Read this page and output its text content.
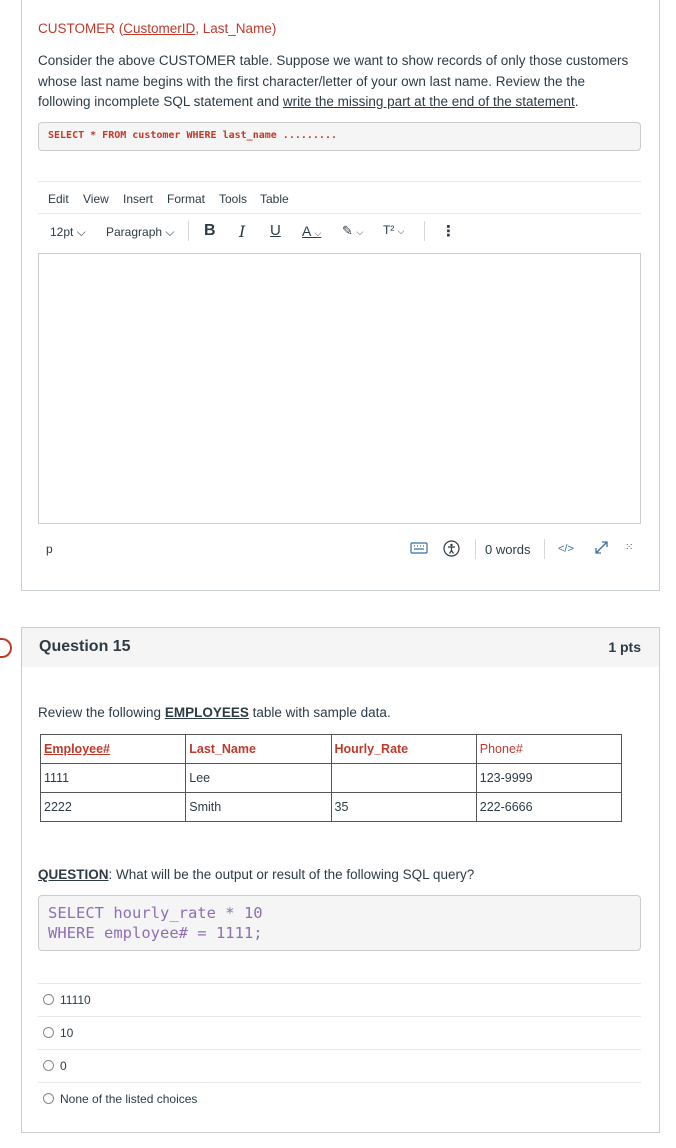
CUSTOMER (CustomerID, Last_Name)
Consider the above CUSTOMER table. Suppose we want to show records of only those customers
whose last name begins with the first character/letter of your own last name. Review the the
following incomplete SQL statement and write the missing part at the end of the statement.
SELECT * FROM customer WHERE last_name .........
Edit View Insert Format Tools Table
12pt ⌵ Paragraph ⌵ B I U A ⌵ ✎ ⌵ T² ⌵ ⋮
p	0 words </>	⁙
Question 15	1 pts
Review the following EMPLOYEES table with sample data.
Employee#	Last_Name	Hourly_Rate	Phone#
1111	Lee		123-9999
2222	Smith	35	222-6666
QUESTION: What will be the output or result of the following SQL query?
SELECT hourly_rate * 10
WHERE employee# = 1111;
11110
10
0
None of the listed choices
